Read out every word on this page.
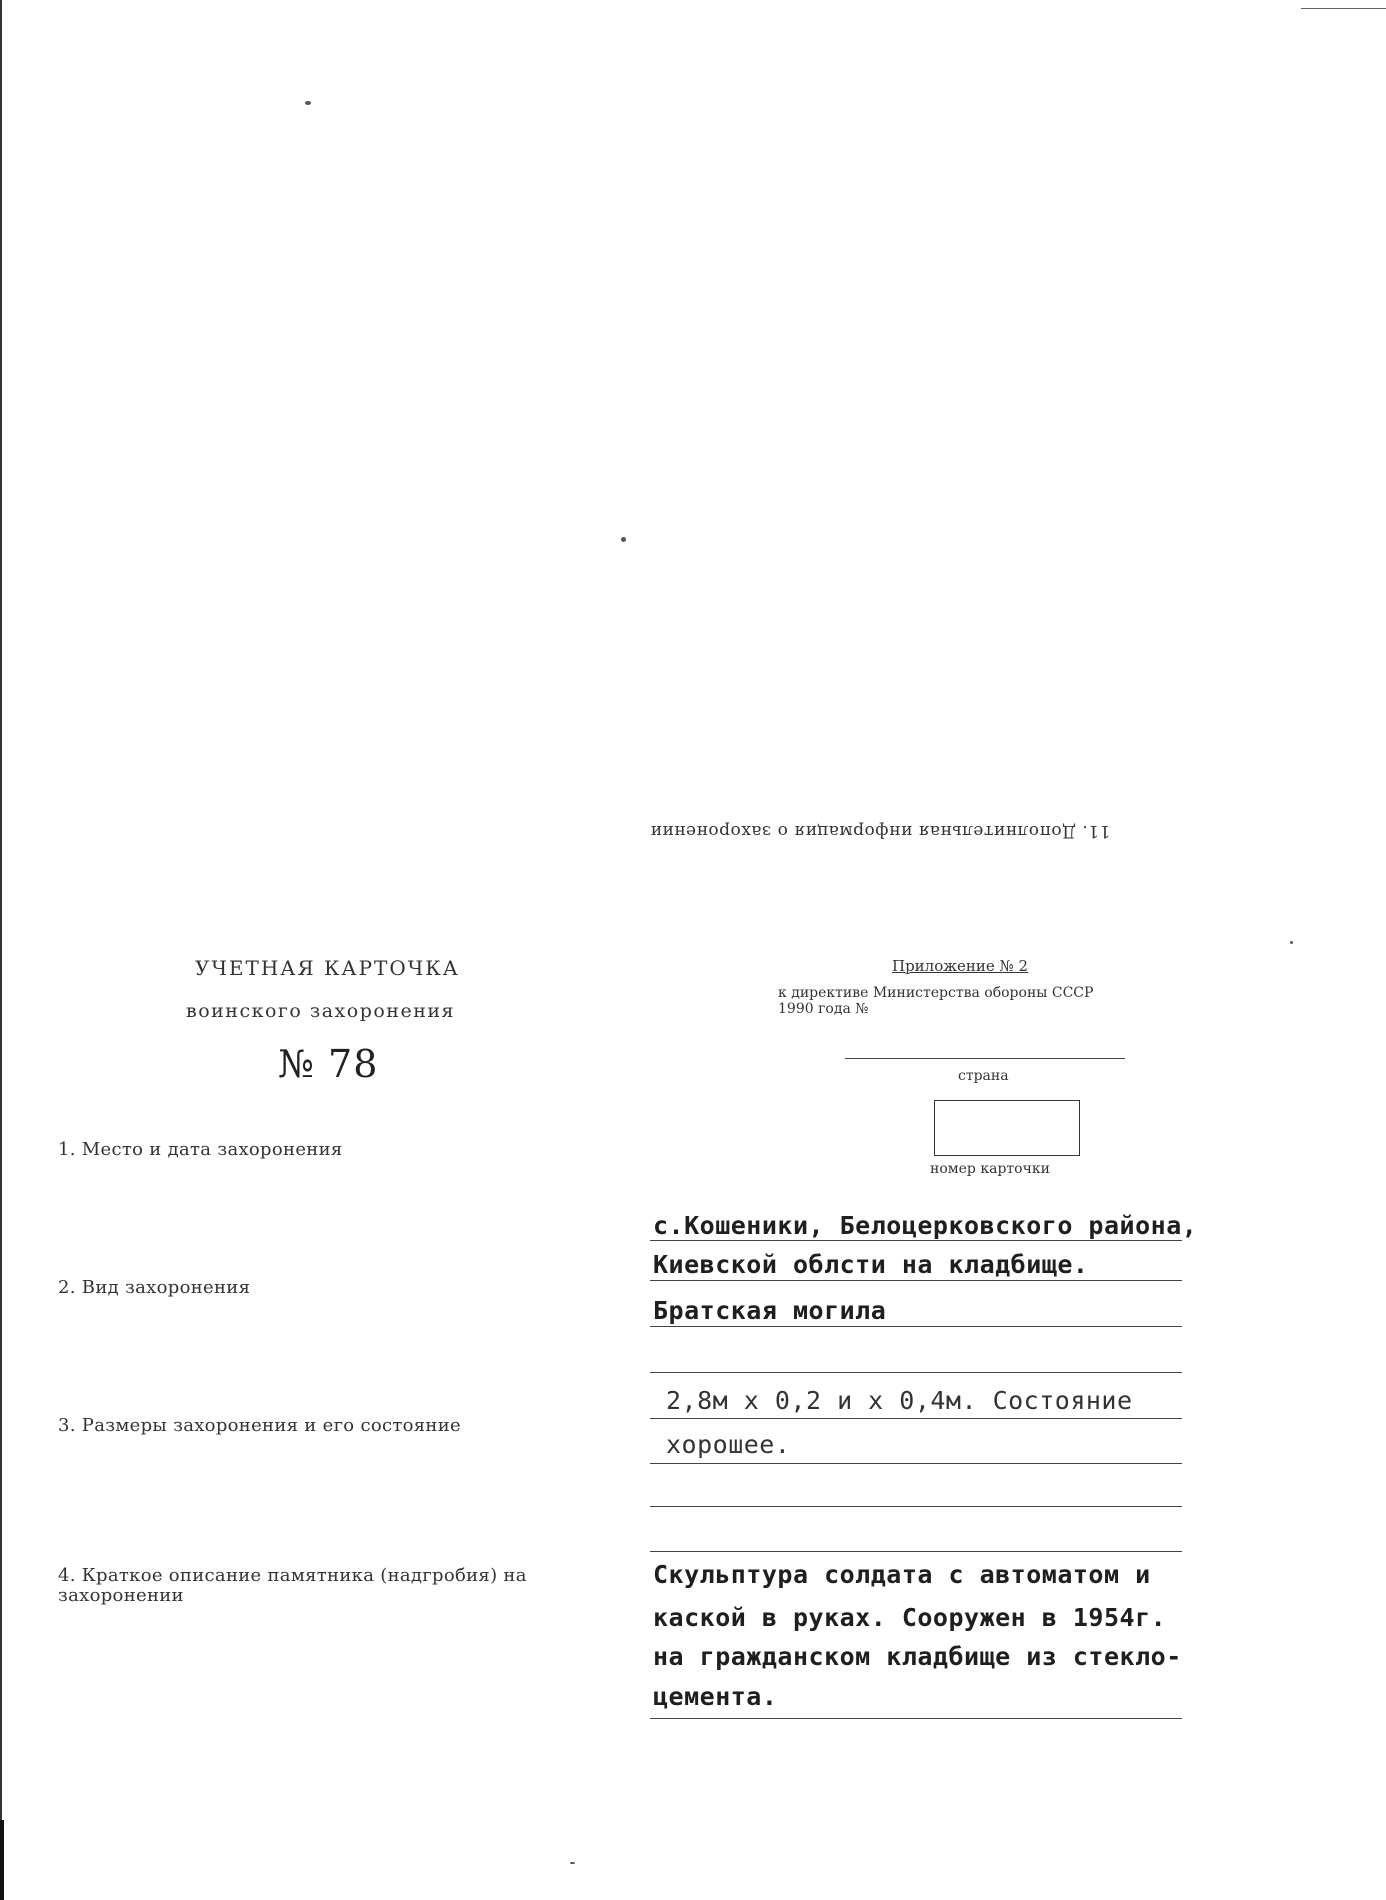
11. Дополнительная информация о захоронении
УЧЕТНАЯ КАРТОЧКА
воинского захоронения
№ 78
Приложение № 2
к директиве Министерства обороны СССР
1990 года №
страна
номер карточки
1. Место и дата захоронения
с.Кошеники, Белоцерковского района,
Киевской облсти на кладбище.
2. Вид захоронения
Братская могила
2,8м х 0,2 и х 0,4м. Состояние
3. Размеры захоронения и его состояние
хорошее.
4. Краткое описание памятника (надгробия) на захоронении
Скульптура солдата с автоматом и
каской в руках. Сооружен в 1954г.
на гражданском кладбище из стекло-
цемента.
